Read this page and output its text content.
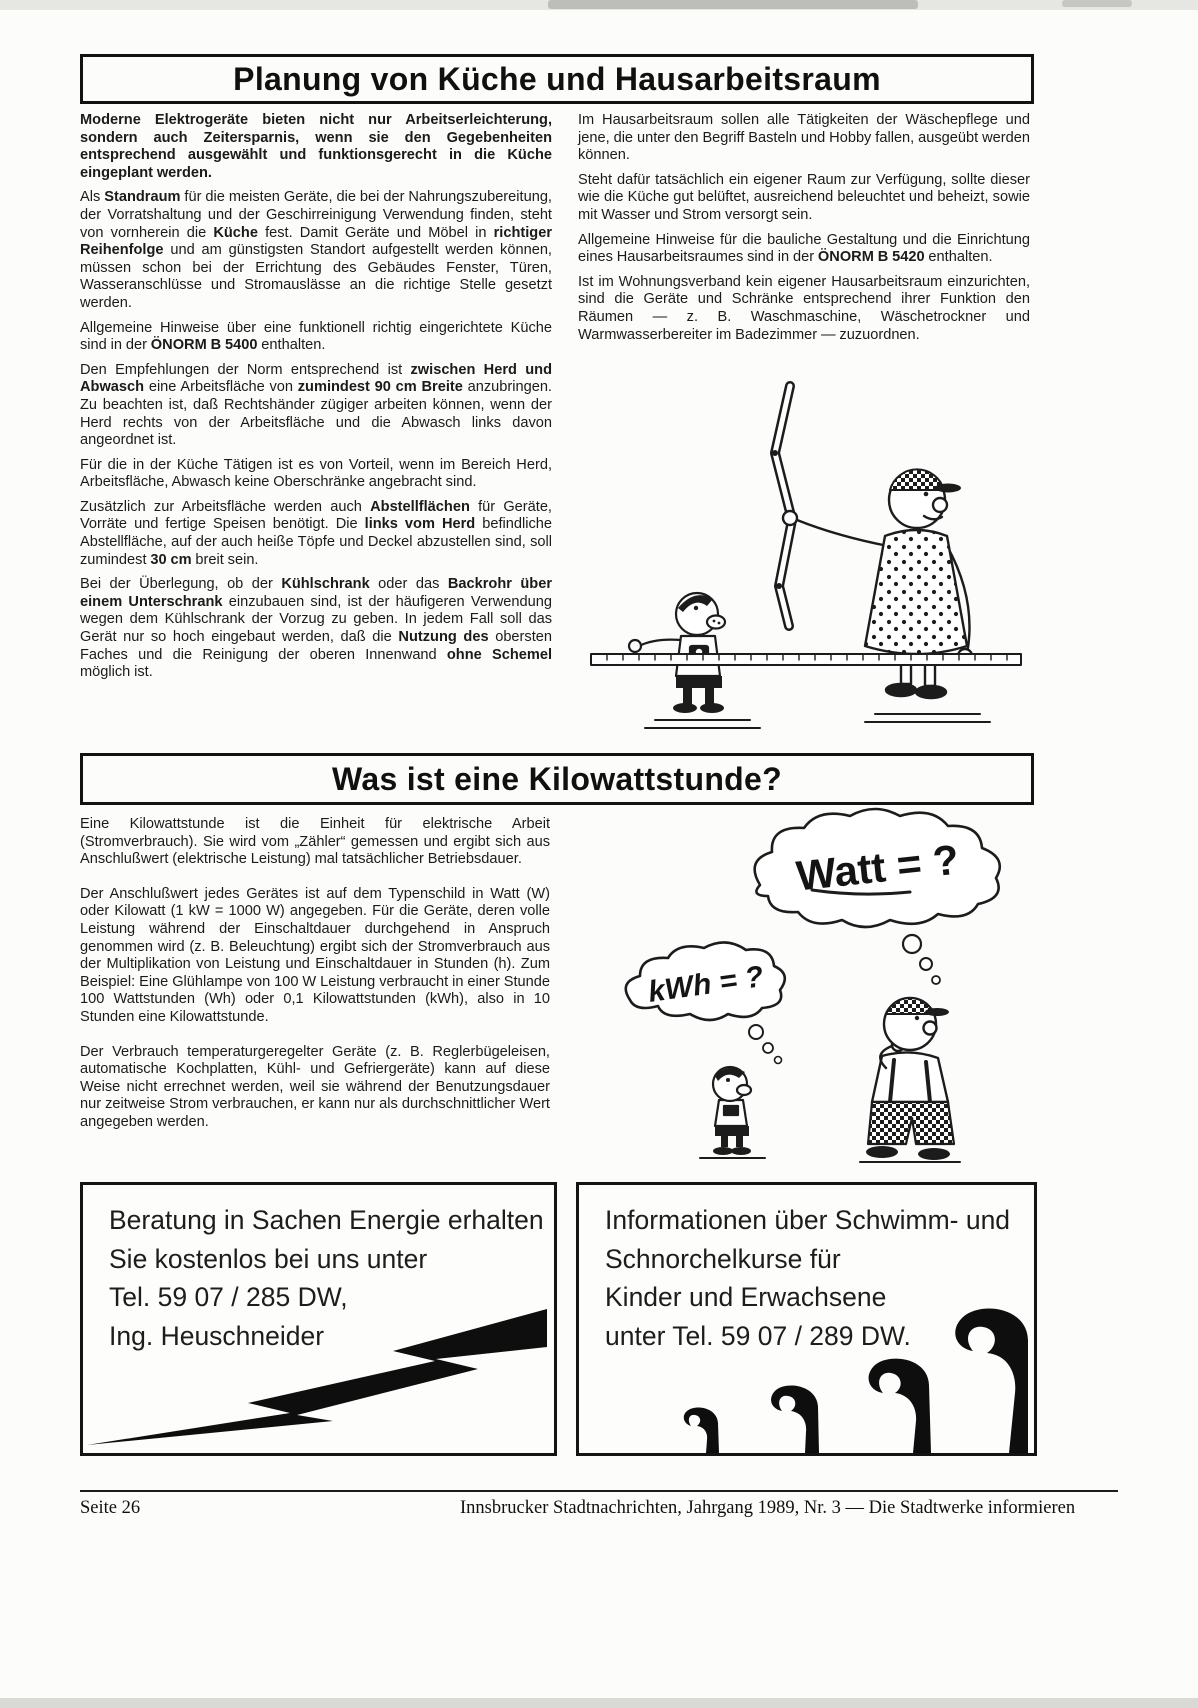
Planung von Küche und Hausarbeitsraum

Moderne Elektrogeräte bieten nicht nur Arbeitserleichterung, sondern auch Zeitersparnis, wenn sie den Gegebenheiten entsprechend ausgewählt und funktionsgerecht in die Küche eingeplant werden.

Als Standraum für die meisten Geräte, die bei der Nahrungszubereitung, der Vorratshaltung und der Geschirreinigung Verwendung finden, steht von vornherein die Küche fest. Damit Geräte und Möbel in richtiger Reihenfolge und am günstigsten Standort aufgestellt werden können, müssen schon bei der Errichtung des Gebäudes Fenster, Türen, Wasseranschlüsse und Stromauslässe an die richtige Stelle gesetzt werden.

Allgemeine Hinweise über eine funktionell richtig eingerichtete Küche sind in der ÖNORM B 5400 enthalten.

Den Empfehlungen der Norm entsprechend ist zwischen Herd und Abwasch eine Arbeitsfläche von zumindest 90 cm Breite anzubringen. Zu beachten ist, daß Rechtshänder zügiger arbeiten können, wenn der Herd rechts von der Arbeitsfläche und die Abwasch links davon angeordnet ist.

Für die in der Küche Tätigen ist es von Vorteil, wenn im Bereich Herd, Arbeitsfläche, Abwasch keine Oberschränke angebracht sind.

Zusätzlich zur Arbeitsfläche werden auch Abstellflächen für Geräte, Vorräte und fertige Speisen benötigt. Die links vom Herd befindliche Abstellfläche, auf der auch heiße Töpfe und Deckel abzustellen sind, soll zumindest 30 cm breit sein.

Bei der Überlegung, ob der Kühlschrank oder das Backrohr über einem Unterschrank einzubauen sind, ist der häufigeren Verwendung wegen dem Kühlschrank der Vorzug zu geben. In jedem Fall soll das Gerät nur so hoch eingebaut werden, daß die Nutzung des obersten Faches und die Reinigung der oberen Innenwand ohne Schemel möglich ist.

Im Hausarbeitsraum sollen alle Tätigkeiten der Wäschepflege und jene, die unter den Begriff Basteln und Hobby fallen, ausgeübt werden können.

Steht dafür tatsächlich ein eigener Raum zur Verfügung, sollte dieser wie die Küche gut belüftet, ausreichend beleuchtet und beheizt, sowie mit Wasser und Strom versorgt sein.

Allgemeine Hinweise für die bauliche Gestaltung und die Einrichtung eines Hausarbeitsraumes sind in der ÖNORM B 5420 enthalten.

Ist im Wohnungsverband kein eigener Hausarbeitsraum einzurichten, sind die Geräte und Schränke entsprechend ihrer Funktion den Räumen — z. B. Waschmaschine, Wäschetrockner und Warmwasserbereiter im Badezimmer — zuzuordnen.

Was ist eine Kilowattstunde?

Eine Kilowattstunde ist die Einheit für elektrische Arbeit (Stromverbrauch). Sie wird vom „Zähler“ gemessen und ergibt sich aus Anschlußwert (elektrische Leistung) mal tatsächlicher Betriebsdauer.

Der Anschlußwert jedes Gerätes ist auf dem Typenschild in Watt (W) oder Kilowatt (1 kW = 1000 W) angegeben. Für die Geräte, deren volle Leistung während der Einschaltdauer durchgehend in Anspruch genommen wird (z. B. Beleuchtung) ergibt sich der Stromverbrauch aus der Multiplikation von Leistung und Einschaltdauer in Stunden (h). Zum Beispiel: Eine Glühlampe von 100 W Leistung verbraucht in einer Stunde 100 Wattstunden (Wh) oder 0,1 Kilowattstunden (kWh), also in 10 Stunden eine Kilowattstunde.

Der Verbrauch temperaturgeregelter Geräte (z. B. Reglerbügeleisen, automatische Kochplatten, Kühl- und Gefriergeräte) kann auf diese Weise nicht errechnet werden, weil sie während der Benutzungsdauer nur zeitweise Strom verbrauchen, er kann nur als durchschnittlicher Wert angegeben werden.

Watt = ?
kWh = ?
Beratung in Sachen Energie erhalten
Sie kostenlos bei uns unter
Tel. 59 07 / 285 DW,
Ing. Heuschneider
Informationen über Schwimm- und
Schnorchelkurse für
Kinder und Erwachsene
unter Tel. 59 07 / 289 DW.
Seite 26	Innsbrucker Stadtnachrichten, Jahrgang 1989, Nr. 3 — Die Stadtwerke informieren
